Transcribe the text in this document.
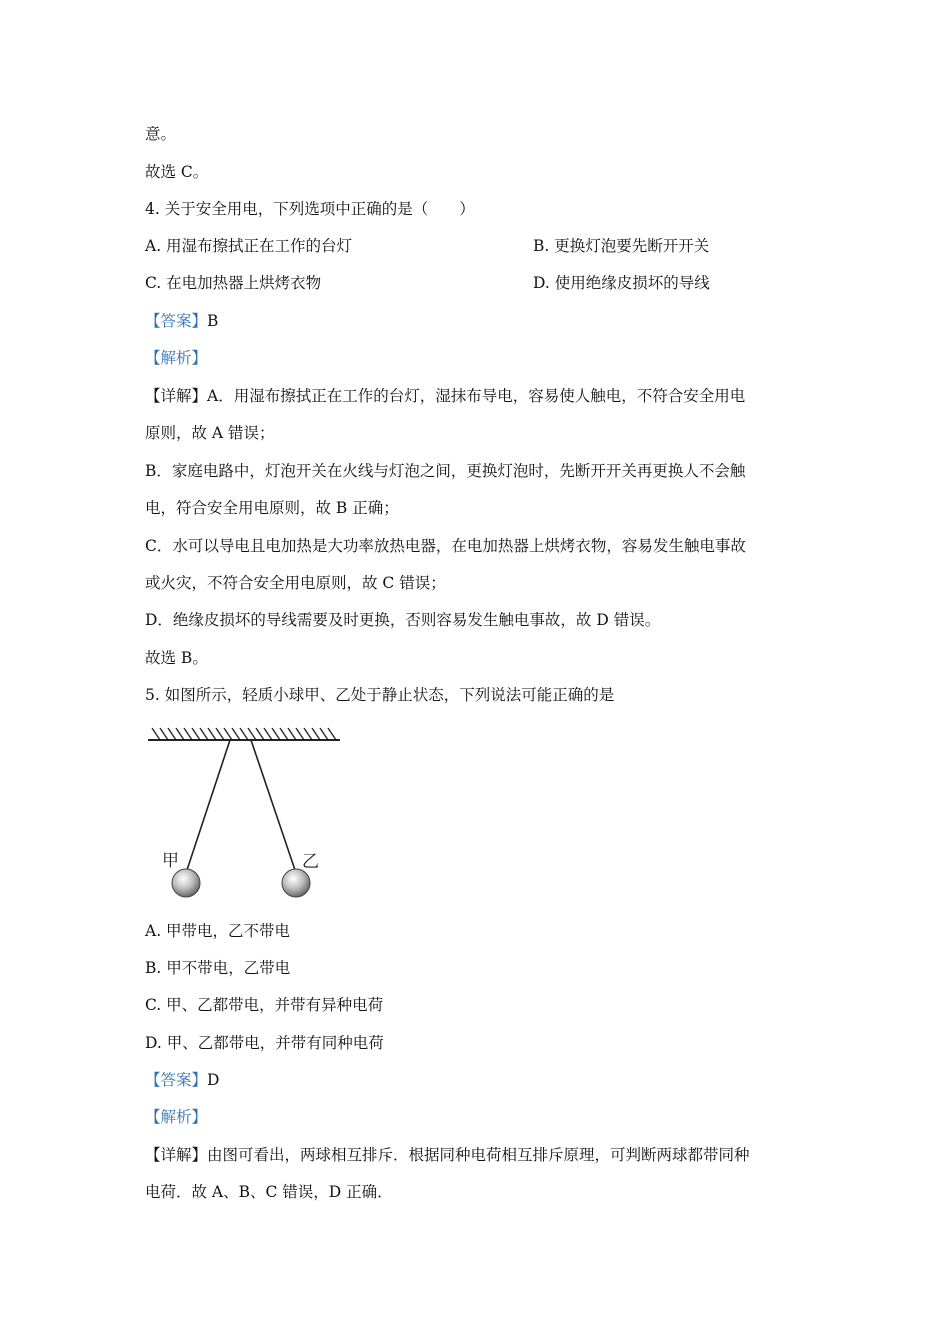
意。
故选 C。
4. 关于安全用电，下列选项中正确的是（　　）
A. 用湿布擦拭正在工作的台灯	B. 更换灯泡要先断开开关
C. 在电加热器上烘烤衣物	D. 使用绝缘皮损坏的导线
【答案】B
【解析】
【详解】A．用湿布擦拭正在工作的台灯，湿抹布导电，容易使人触电，不符合安全用电
原则，故 A 错误；
B．家庭电路中，灯泡开关在火线与灯泡之间，更换灯泡时，先断开开关再更换人不会触
电，符合安全用电原则，故 B 正确；
C．水可以导电且电加热是大功率放热电器，在电加热器上烘烤衣物，容易发生触电事故
或火灾，不符合安全用电原则，故 C 错误；
D．绝缘皮损坏的导线需要及时更换，否则容易发生触电事故，故 D 错误。
故选 B。
5. 如图所示，轻质小球甲、乙处于静止状态，下列说法可能正确的是
甲	乙
A. 甲带电，乙不带电
B. 甲不带电，乙带电
C. 甲、乙都带电，并带有异种电荷
D. 甲、乙都带电，并带有同种电荷
【答案】D
【解析】
【详解】由图可看出，两球相互排斥．根据同种电荷相互排斥原理，可判断两球都带同种
电荷．故 A、B、C 错误，D 正确．
